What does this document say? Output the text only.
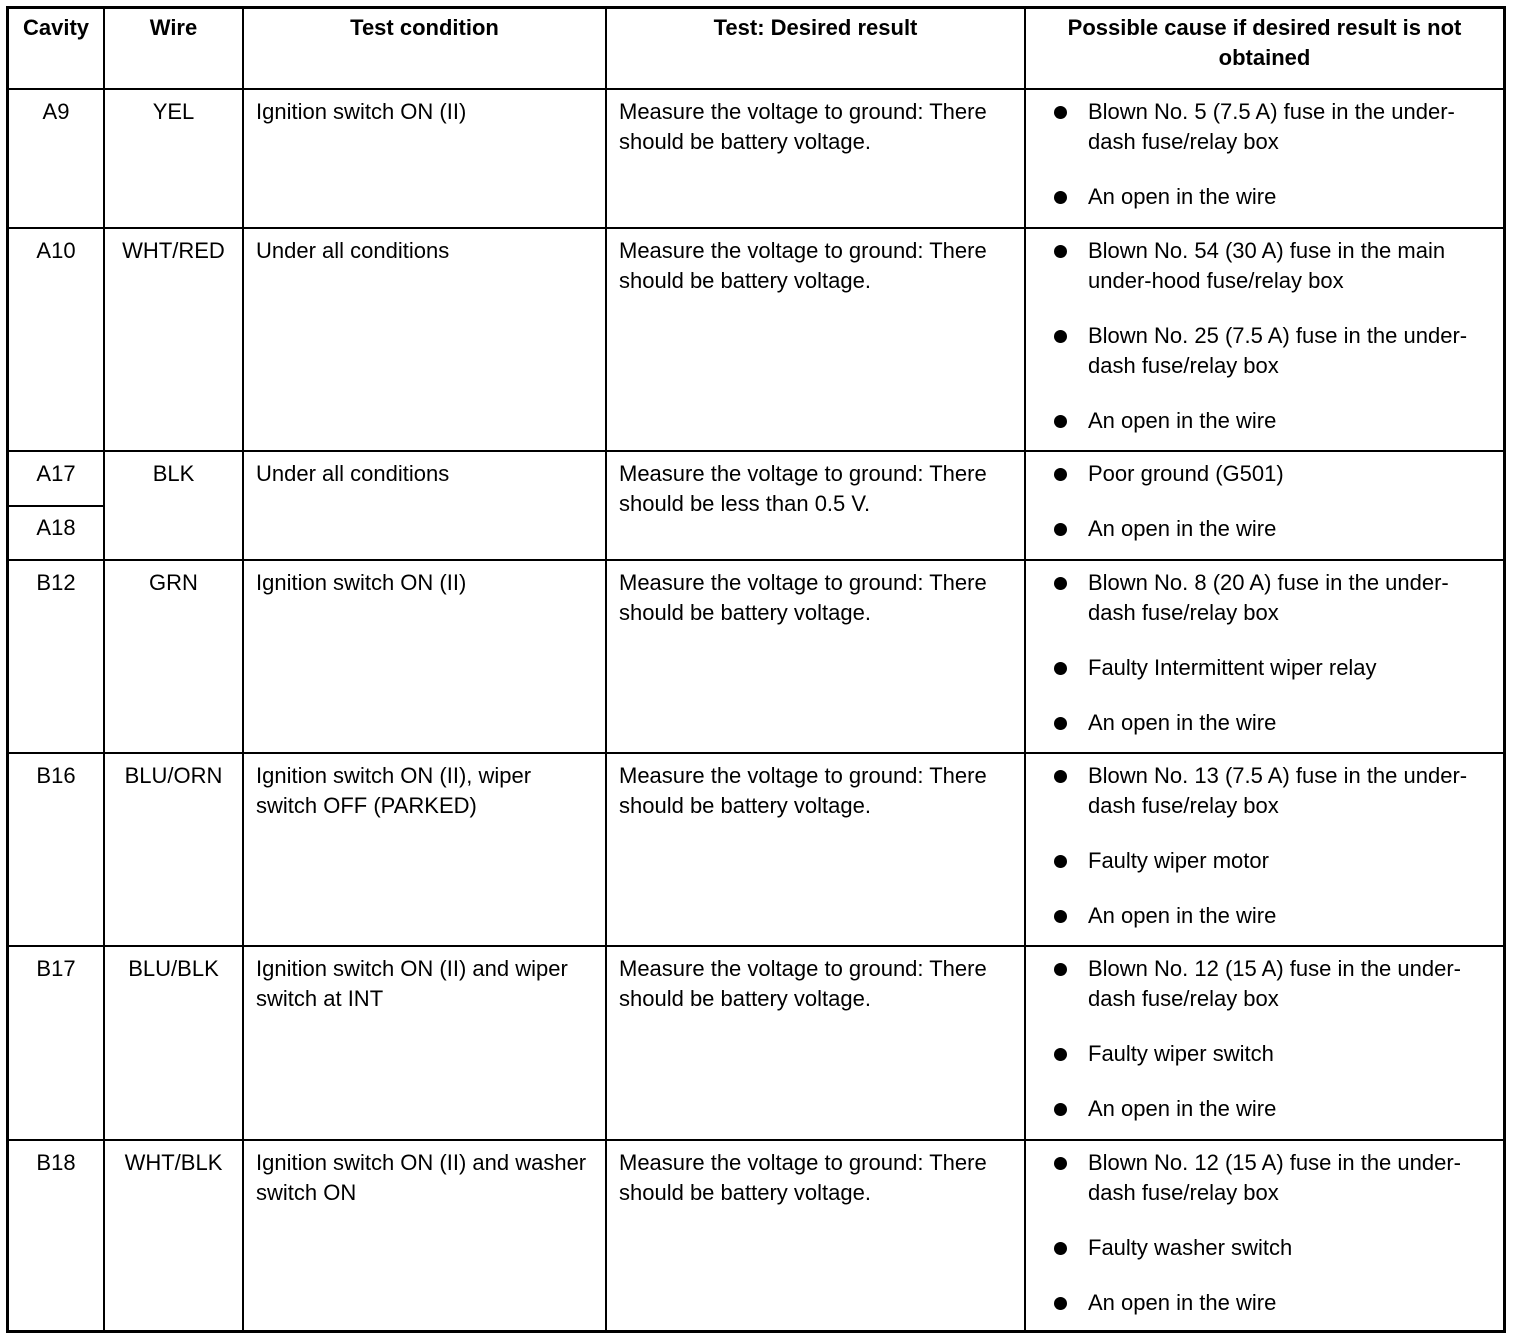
Cavity	Wire	Test condition	Test: Desired result	Possible cause if desired result is not obtained
A9	YEL	Ignition switch ON (II)	Measure the voltage to ground: There should be battery voltage.
Blown No. 5 (7.5 A) fuse in the under-dash fuse/relay box
An open in the wire
A10	WHT/RED	Under all conditions	Measure the voltage to ground: There should be battery voltage.
Blown No. 54 (30 A) fuse in the main under-hood fuse/relay box
Blown No. 25 (7.5 A) fuse in the under-dash fuse/relay box
An open in the wire
A17
A18
BLK	Under all conditions	Measure the voltage to ground: There should be less than 0.5 V.
Poor ground (G501)
An open in the wire
B12	GRN	Ignition switch ON (II)	Measure the voltage to ground: There should be battery voltage.
Blown No. 8 (20 A) fuse in the under-dash fuse/relay box
Faulty Intermittent wiper relay
An open in the wire
B16	BLU/ORN	Ignition switch ON (II), wiper switch OFF (PARKED)
Measure the voltage to ground: There should be battery voltage.
Blown No. 13 (7.5 A) fuse in the under-dash fuse/relay box
Faulty wiper motor
An open in the wire
B17	BLU/BLK	Ignition switch ON (II) and wiper switch at INT
Measure the voltage to ground: There should be battery voltage.
Blown No. 12 (15 A) fuse in the under-dash fuse/relay box
Faulty wiper switch
An open in the wire
B18	WHT/BLK	Ignition switch ON (II) and washer switch ON
Measure the voltage to ground: There should be battery voltage.
Blown No. 12 (15 A) fuse in the under-dash fuse/relay box
Faulty washer switch
An open in the wire
